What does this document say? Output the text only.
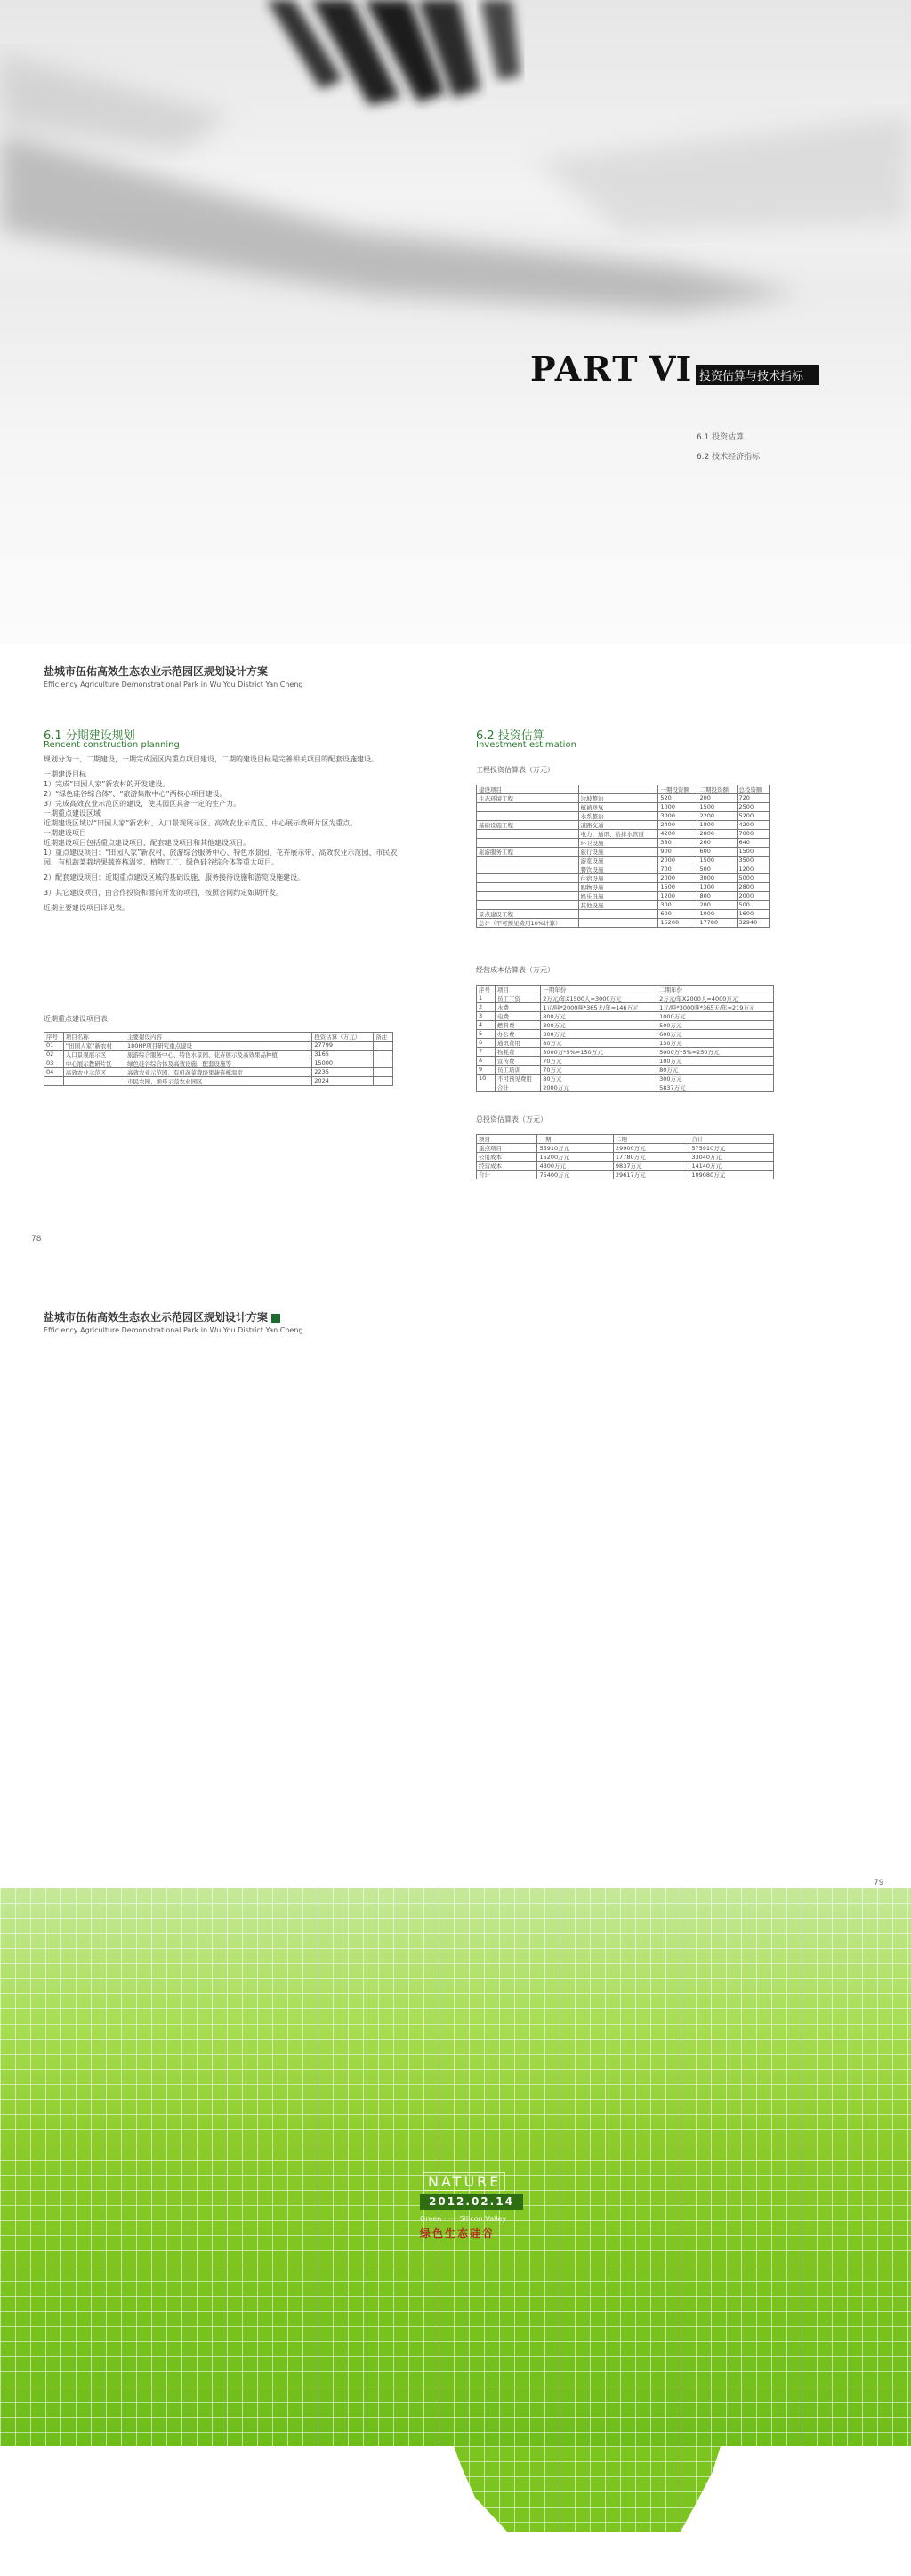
PART VI 投资估算与技术指标
6.1 投资估算
6.2 技术经济指标
盐城市伍佑高效生态农业示范园区规划设计方案
Efficiency Agriculture Demonstrational Park in Wu You District Yan Cheng
6.1 分期建设规划
Rencent construction planning

规划分为一、二期建设，一期完成园区内重点项目建设，二期的建设目标是完善相关项目的配套设施建设。

一期建设目标

1）完成“田园人家”新农村的开发建设。

2）“绿色硅谷综合体”、“旅游集散中心”两核心项目建设。

3）完成高效农业示范区的建设，使其园区具备一定的生产力。

一期重点建设区域

近期建设区域以“田园人家”新农村、入口景观展示区、高效农业示范区、中心展示教研片区为重点。

一期建设项目

近期建设项目包括重点建设项目、配套建设项目和其他建设项目。

1）重点建设项目：“田园人家”新农村、旅游综合服务中心、特色水景园、花卉展示带、高效农业示范园、市民农园、有机蔬菜栽培果蔬连栋温室、植物工厂、绿色硅谷综合体等重大项目。

2）配套建设项目：近期重点建设区域的基础设施、服务接待设施和游览设施建设。

3）其它建设项目，由合作投资和面向开发的项目，按照合同约定如期开发。

近期主要建设项目详见表。

近期重点建设项目表
序号	项目名称	主要建设内容	投资估算（万元）	备注
01	“田园人家”新农村	180HP项目研究重点建设	27799	
02	入口景观展示区	旅游综合服务中心、特色水景园、花卉展示及高效果品种植	3165	
03	中心展示教研片区	绿色硅谷综合体及高效设施、配套设施等	15000	
04	高效农业示范区	高效农业示范园、有机蔬菜栽培果蔬连栋温室	2235	
		市民农园、循环示范农业园区	2024	
6.2 投资估算
Investment estimation
工程投资估算表（万元）
建设项目		一期投资额	二期投资额	总投资额
生态环境工程	边坡整治	520	200	720
	植被修复	1000	1500	2500
	水系整治	3000	2200	5200
基础设施工程	道路交通	2400	1800	4200
	电力、通讯、给排水管道	4200	2800	7000
	环卫设施	380	260	640
旅游服务工程	旅行设施	900	600	1500
	游览设施	2000	1500	3500
	餐饮设施	700	500	1200
	住宿设施	2000	3000	5000
	购物设施	1500	1300	2800
	娱乐设施	1200	800	2000
	其他设施	300	200	500
景点建设工程		600	1000	1600
总计（不可预见费用10%计算）		15200	17780	32940
经营成本估算表（万元）
序号	项目	一期年份	二期年份
1	员工工资	2万元/年X1500人=3000万元	2万元/年X2000人=4000万元
2	水费	1元/吨*2000吨*365天/年=146万元	1元/吨*3000吨*365天/年=219万元
3	电费	800万元	1000万元
4	燃料费	300万元	500万元
5	办公费	300万元	600万元
6	通讯费用	80万元	130万元
7	物耗费	3000万*5%=150万元	5000万*5%=250万元
8	宣传费	70万元	100万元
9	员工培训	70万元	80万元
10	不可预见费用	80万元	300万元
	合计	2000万元	5837万元
总投资估算表（万元）
项目	一期	二期	合计
重点项目	55910万元	29900万元	575910万元
公用成本	15200万元	17780万元	33040万元
经营成本	4300万元	9837万元	14140万元
合计	75400万元	29617万元	109080万元
78
盐城市伍佑高效生态农业示范园区规划设计方案
Efficiency Agriculture Demonstrational Park in Wu You District Yan Cheng
79
NATURE
2012.02.14
Green ······ Silicon Valley
绿色生态硅谷
